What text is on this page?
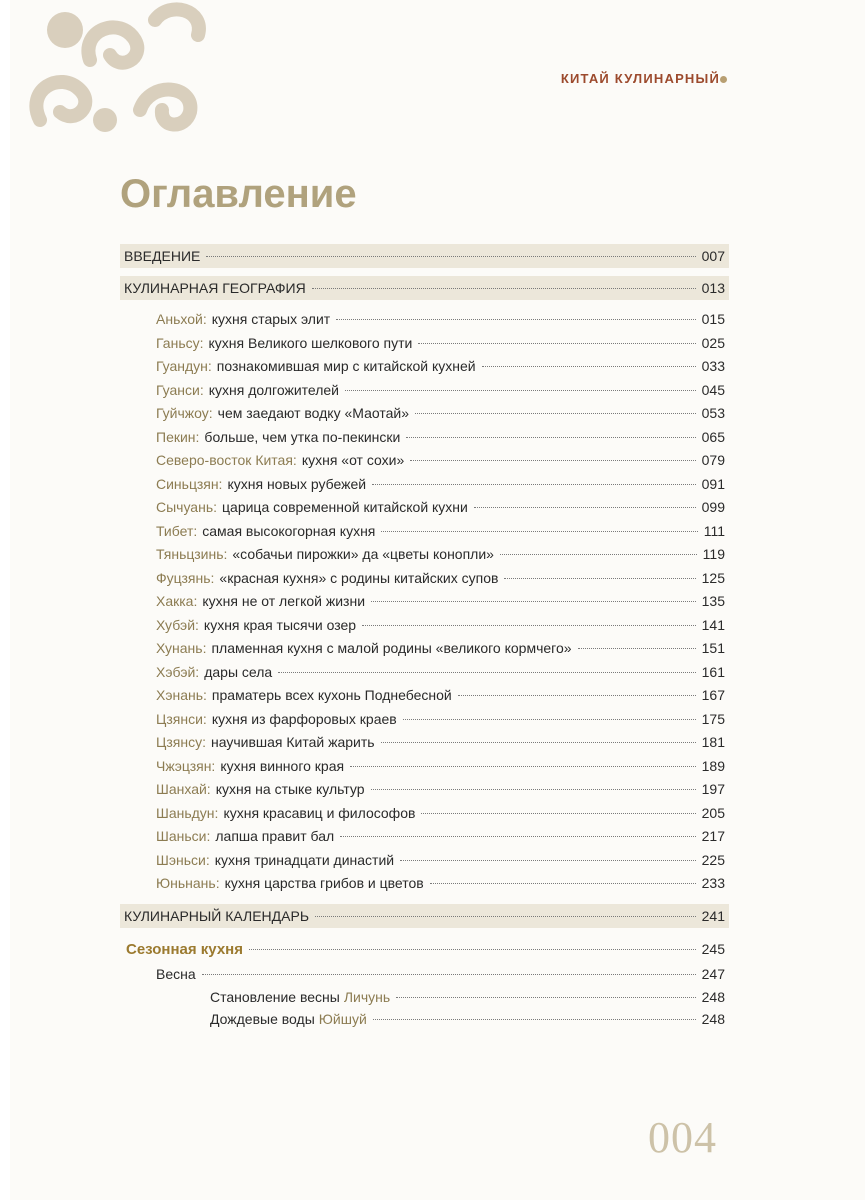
КИТАЙ КУЛИНАРНЫЙ
Оглавление
ВВЕДЕНИЕ	007
КУЛИНАРНАЯ ГЕОГРАФИЯ	013
Аньхой: кухня старых элит	015
Ганьсу: кухня Великого шелкового пути	025
Гуандун: познакомившая мир с китайской кухней	033
Гуанси: кухня долгожителей	045
Гуйчжоу: чем заедают водку «Маотай»	053
Пекин: больше, чем утка по-пекински	065
Северо-восток Китая: кухня «от сохи»	079
Синьцзян: кухня новых рубежей	091
Сычуань: царица современной китайской кухни	099
Тибет: самая высокогорная кухня	111
Тяньцзинь: «собачьи пирожки» да «цветы конопли»	119
Фуцзянь: «красная кухня» с родины китайских супов	125
Хакка: кухня не от легкой жизни	135
Хубэй: кухня края тысячи озер	141
Хунань: пламенная кухня с малой родины «великого кормчего»	151
Хэбэй: дары села	161
Хэнань: праматерь всех кухонь Поднебесной	167
Цзянси: кухня из фарфоровых краев	175
Цзянсу: научившая Китай жарить	181
Чжэцзян: кухня винного края	189
Шанхай: кухня на стыке культур	197
Шаньдун: кухня красавиц и философов	205
Шаньси: лапша правит бал	217
Шэньси: кухня тринадцати династий	225
Юньнань: кухня царства грибов и цветов	233
КУЛИНАРНЫЙ КАЛЕНДАРЬ	241
Сезонная кухня	245
Весна	247
Становление весны Личунь	248
Дождевые воды Юйшуй	248
004
